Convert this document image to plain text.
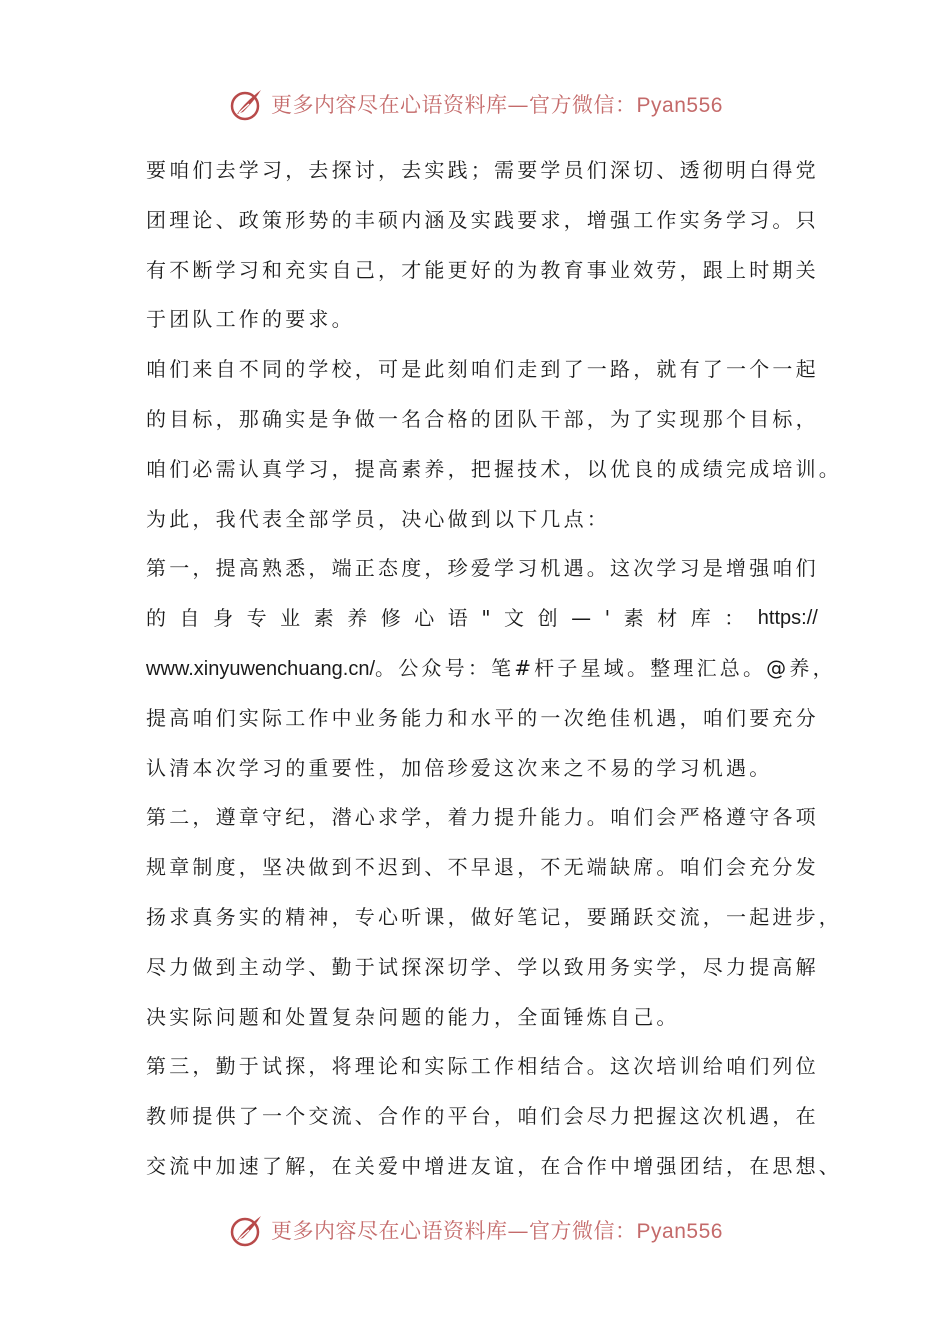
更多内容尽在心语资料库—官方微信：Pyan556
要咱们去学习，去探讨，去实践；需要学员们深切、透彻明白得党
团理论、政策形势的丰硕内涵及实践要求，增强工作实务学习。只
有不断学习和充实自己，才能更好的为教育事业效劳，跟上时期关
于团队工作的要求。
咱们来自不同的学校，可是此刻咱们走到了一路，就有了一个一起
的目标，那确实是争做一名合格的团队干部，为了实现那个目标，
咱们必需认真学习，提高素养，把握技术，以优良的成绩完成培训。
为此，我代表全部学员，决心做到以下几点：
第一，提高熟悉，端正态度，珍爱学习机遇。这次学习是增强咱们
的 自 身 专 业 素 养 修 心 语 " 文 创 — ' 素 材 库 ： https://
www.xinyuwenchuang.cn/。公众号：笔#杆子星域。整理汇总。@养，
提高咱们实际工作中业务能力和水平的一次绝佳机遇，咱们要充分
认清本次学习的重要性，加倍珍爱这次来之不易的学习机遇。
第二，遵章守纪，潜心求学，着力提升能力。咱们会严格遵守各项
规章制度，坚决做到不迟到、不早退，不无端缺席。咱们会充分发
扬求真务实的精神，专心听课，做好笔记，要踊跃交流，一起进步，
尽力做到主动学、勤于试探深切学、学以致用务实学，尽力提高解
决实际问题和处置复杂问题的能力，全面锤炼自己。
第三，勤于试探，将理论和实际工作相结合。这次培训给咱们列位
教师提供了一个交流、合作的平台，咱们会尽力把握这次机遇，在
交流中加速了解，在关爱中增进友谊，在合作中增强团结，在思想、
更多内容尽在心语资料库—官方微信：Pyan556
